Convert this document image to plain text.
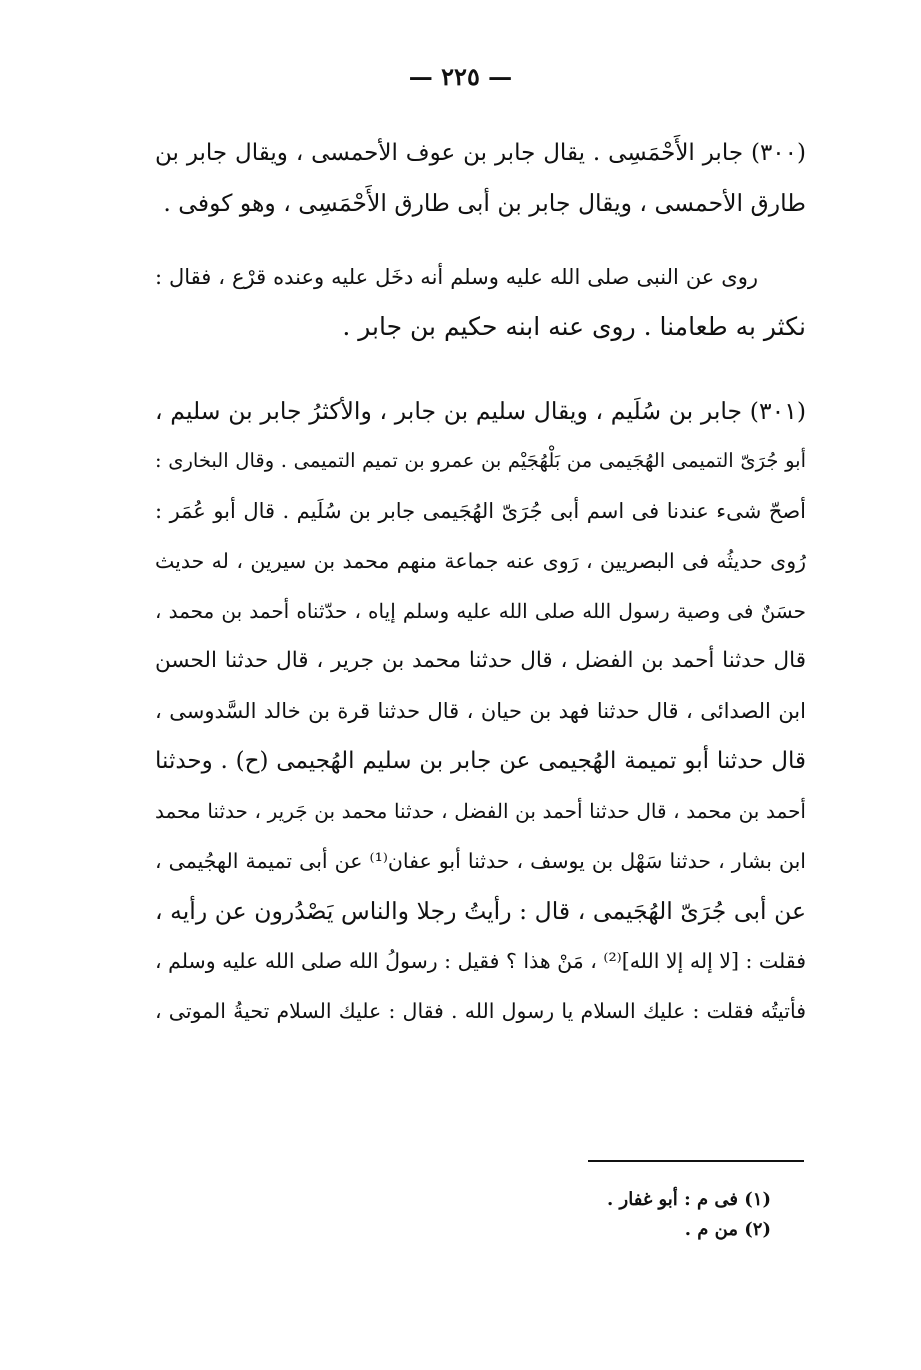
— ٢٢٥ —
(٣٠٠) جابر الأَحْمَسِى . يقال جابر بن عوف الأحمسى ، ويقال جابر بن
طارق الأحمسى ، ويقال جابر بن أبى طارق الأَحْمَسِى ، وهو كوفى .
روى عن النبى صلى الله عليه وسلم أنه دخَل عليه وعنده قرْع ، فقال :
نكثر به طعامنا . روى عنه ابنه حكيم بن جابر .
(٣٠١) جابر بن سُلَيم ، ويقال سليم بن جابر ، والأكثرُ جابر بن سليم ،
أبو جُرَىّ التميمى الهُجَيمى من بَلْهُجَيْم بن عمرو بن تميم التميمى . وقال البخارى :
أصحّ شىء عندنا فى اسم أبى جُرَىّ الهُجَيمى جابر بن سُلَيم . قال أبو عُمَر :
رُوى حديثُه فى البصريين ، رَوى عنه جماعة منهم محمد بن سيرين ، له حديث
حسَنٌ فى وصية رسول الله صلى الله عليه وسلم إياه ، حدّثناه أحمد بن محمد ،
قال حدثنا أحمد بن الفضل ، قال حدثنا محمد بن جرير ، قال حدثنا الحسن
ابن الصدائى ، قال حدثنا فهد بن حيان ، قال حدثنا قرة بن خالد السَّدوسى ،
قال حدثنا أبو تميمة الهُجيمى عن جابر بن سليم الهُجيمى (ح) . وحدثنا
أحمد بن محمد ، قال حدثنا أحمد بن الفضل ، حدثنا محمد بن جَرير ، حدثنا محمد
ابن بشار ، حدثنا سَهْل بن يوسف ، حدثنا أبو عفان⁽¹⁾ عن أبى تميمة الهجُيمى ،
عن أبى جُرَىّ الهُجَيمى ، قال : رأيتُ رجلا والناس يَصْدُرون عن رأيه ،
فقلت : [لا إله إلا الله]⁽²⁾ ، مَنْ هذا ؟ فقيل : رسولُ الله صلى الله عليه وسلم ،
فأتيتُه فقلت : عليك السلام يا رسول الله . فقال : عليك السلام تحيةُ الموتى ،
(١) فى م : أبو غفار .
(٢) من م .
